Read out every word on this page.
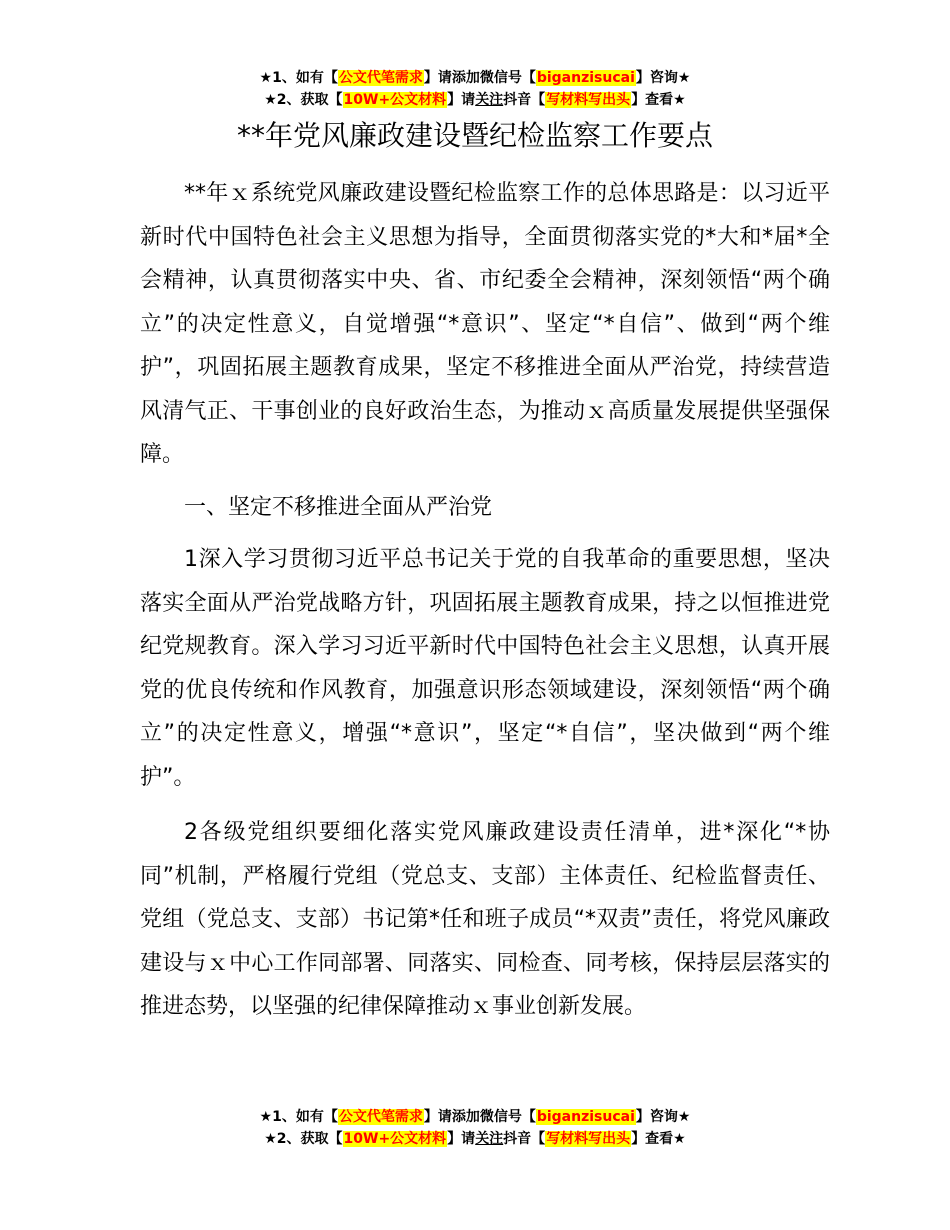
★1、如有【公文代笔需求】请添加微信号【biganzisucai】咨询★
★2、获取【10W+公文材料】请关注抖音【写材料写出头】查看★
**年党风廉政建设暨纪检监察工作要点

**年ｘ系统党风廉政建设暨纪检监察工作的总体思路是：以习近平新时代中国特色社会主义思想为指导，全面贯彻落实党的*大和*届*全会精神，认真贯彻落实中央、省、市纪委全会精神，深刻领悟“两个确立”的决定性意义，自觉增强“*意识”、坚定“*自信”、做到“两个维护”，巩固拓展主题教育成果，坚定不移推进全面从严治党，持续营造风清气正、干事创业的良好政治生态，为推动ｘ高质量发展提供坚强保障。

一、坚定不移推进全面从严治党

1深入学习贯彻习近平总书记关于党的自我革命的重要思想，坚决落实全面从严治党战略方针，巩固拓展主题教育成果，持之以恒推进党纪党规教育。深入学习习近平新时代中国特色社会主义思想，认真开展党的优良传统和作风教育，加强意识形态领域建设，深刻领悟“两个确立”的决定性意义，增强“*意识”，坚定“*自信”，坚决做到“两个维护”。

2各级党组织要细化落实党风廉政建设责任清单，进*深化“*协同”机制，严格履行党组（党总支、支部）主体责任、纪检监督责任、党组（党总支、支部）书记第*任和班子成员“*双责”责任，将党风廉政建设与ｘ中心工作同部署、同落实、同检查、同考核，保持层层落实的推进态势，以坚强的纪律保障推动ｘ事业创新发展。

★1、如有【公文代笔需求】请添加微信号【biganzisucai】咨询★
★2、获取【10W+公文材料】请关注抖音【写材料写出头】查看★
